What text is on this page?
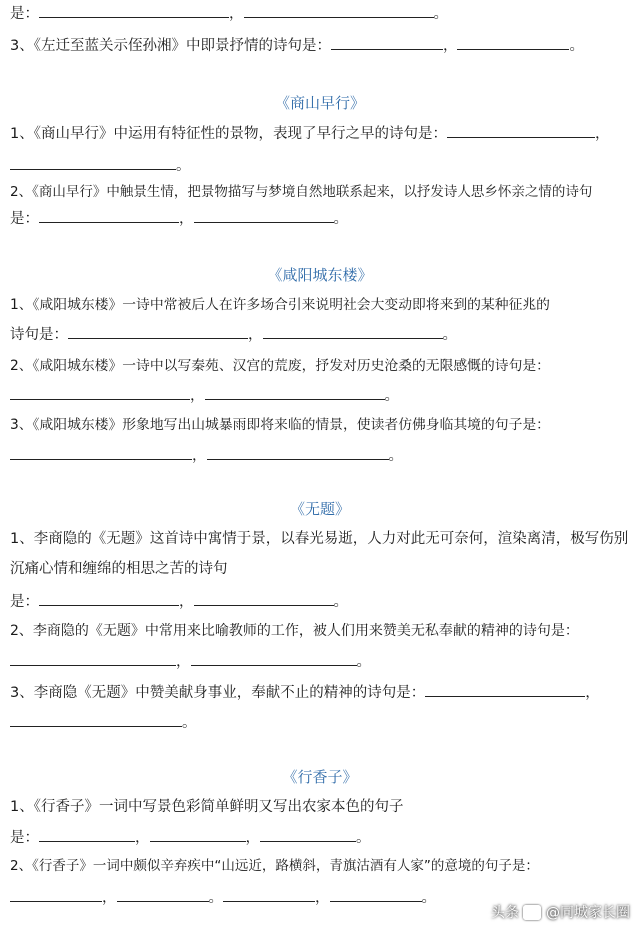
是：	，	。
3、《左迁至蓝关示侄孙湘》中即景抒情的诗句是：	，	。
《商山早行》
1、《商山早行》中运用有特征性的景物，表现了早行之早的诗句是：	，
。
2、《商山早行》中触景生情，把景物描写与梦境自然地联系起来，以抒发诗人思乡怀亲之情的诗句
是：	，	。
《咸阳城东楼》
1、《咸阳城东楼》一诗中常被后人在许多场合引来说明社会大变动即将来到的某种征兆的
诗句是：	，	。
2、《咸阳城东楼》一诗中以写秦苑、汉宫的荒废，抒发对历史沧桑的无限感慨的诗句是：
，	。
3、《咸阳城东楼》形象地写出山城暴雨即将来临的情景，使读者仿佛身临其境的句子是：
，	。
《无题》
1、李商隐的《无题》这首诗中寓情于景，以春光易逝，人力对此无可奈何，渲染离清，极写伤别沉痛心情和缠绵的相思之苦的诗句
是：	，	。
2、李商隐的《无题》中常用来比喻教师的工作，被人们用来赞美无私奉献的精神的诗句是：
，	。
3、李商隐《无题》中赞美献身事业，奉献不止的精神的诗句是：	，
。
《行香子》
1、《行香子》一词中写景色彩简单鲜明又写出农家本色的句子
是：	，	，	。
2、《行香子》一词中颇似辛弃疾中“山远近，路横斜，青旗沽酒有人家”的意境的句子是：
，	。	，	。
头条 @同城家长圈
